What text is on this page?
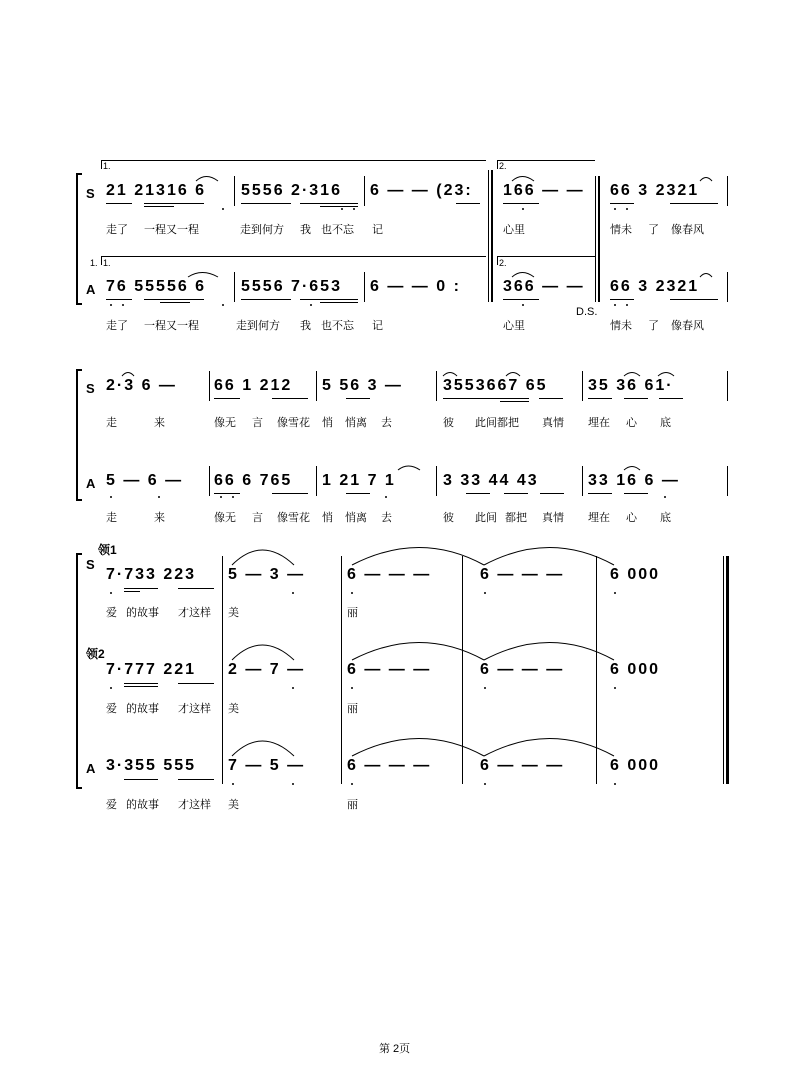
1.	2.
1. 1.	2.
S 21 21316 6 5556 2·316 6 — — (23: 166 — — 66 3 2321
走了 一程又一程	走到何方 我 也不忘 记	心里	情未 了 像春风
A 76 55556 6 5556 7·653 6 — — 0 :	366 — — 66 3 2321
D.S.
走了 一程又一程	走到何方 我 也不忘 记	心里	情未 了 像春风
S 2·3 6 — 66 1 212 5 56 3 —	3553667 65	35 36 61·
走	来	像无 言 像雪花 悄 悄离 去	彼 此间都把 真情 埋在 心 底
A 5 — 6 — 66 6 765 1 21 7 1	3 33 44 43	33 16 6 —
走	来	像无 言 像雪花 悄 悄离 去	彼 此间 都把 真情 埋在 心 底
领1
S
7·733 223 5 — 3 —	6 — — —	6 — — —	6 000
爱 的故事 才这样 美	丽
领2
7·777 221 2 — 7 —	6 — — —	6 — — —	6 000
爱 的故事 才这样 美	丽
A 3·355 555 7 — 5 —	6 — — —	6 — — —	6 000
爱 的故事 才这样 美	丽
第 2页
